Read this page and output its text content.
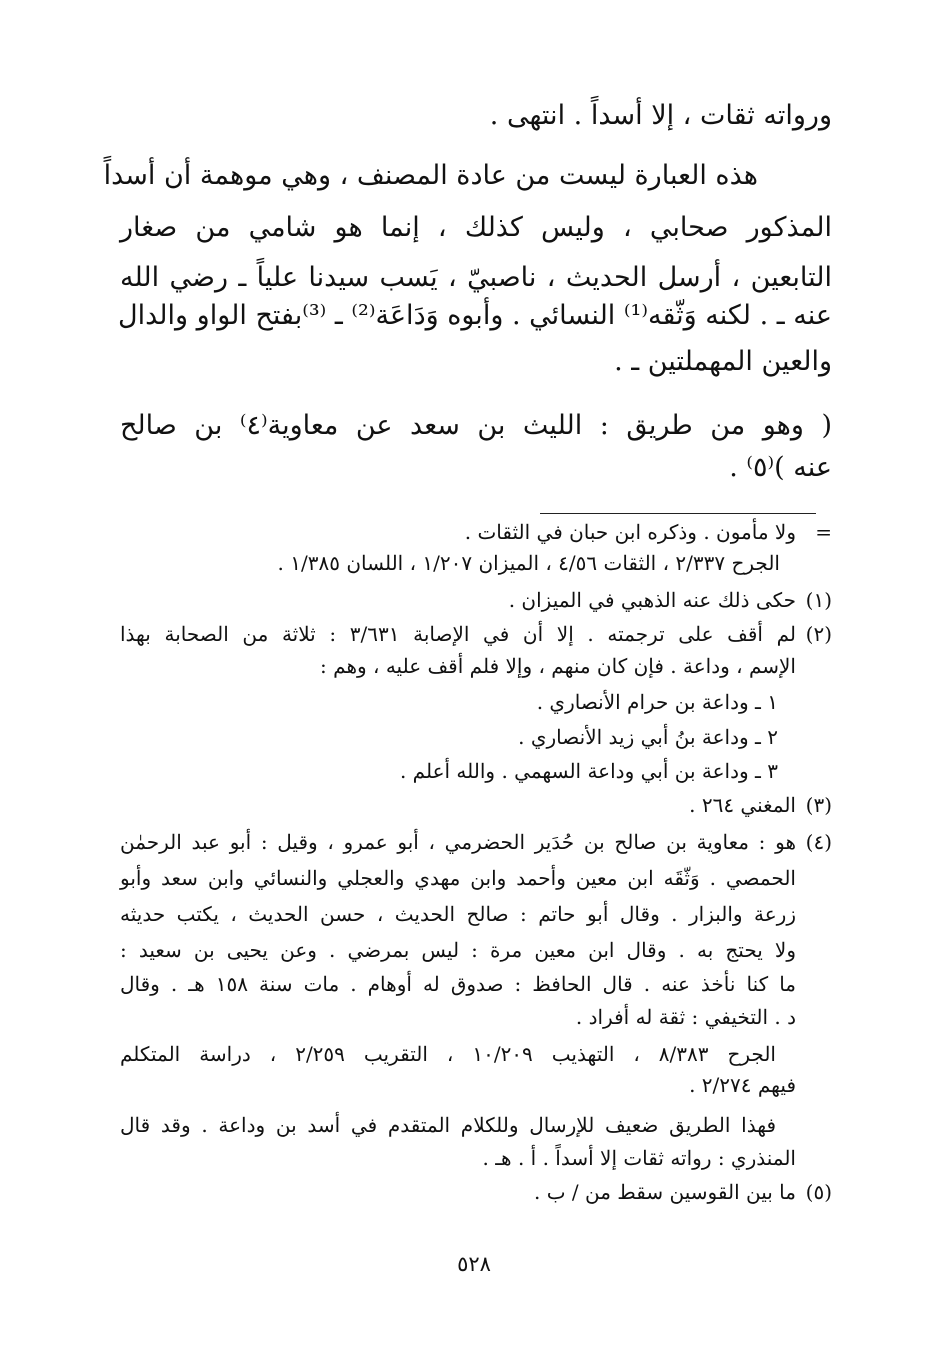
ورواته ثقات ، إلا أسداً . انتهى .
هذه العبارة ليست من عادة المصنف ، وهي موهمة أن أسداً
المذكور صحابي ، وليس كذلك ، إنما هو شامي من صغار
التابعين ، أرسل الحديث ، ناصبيّ ، يَسب سيدنا علياً ـ رضي الله
عنه ـ . لكنه وَثّقه⁽¹⁾ النسائي . وأبوه وَدَاعَة⁽²⁾ ـ ⁽³⁾بفتح الواو والدال
والعين المهملتين ـ .
( وهو من طريق : الليث بن سعد عن معاوية⁽٤⁾ بن صالح
عنه )⁽٥⁾ .
=
ولا مأمون . وذكره ابن حبان في الثقات .
الجرح ٢/٣٣٧ ، الثقات ٤/٥٦ ، الميزان ١/٢٠٧ ، اللسان ١/٣٨٥ .
(١)
حكى ذلك عنه الذهبي في الميزان .
(٢)
لم أقف على ترجمته . إلا أن في الإصابة ٣/٦٣١ : ثلاثة من الصحابة بهذا
الإسم ، وداعة . فإن كان منهم ، وإلا فلم أقف عليه ، وهم :
١ ـ وداعة بن حرام الأنصاري .
٢ ـ وداعة بنُ أبي زيد الأنصاري .
٣ ـ وداعة بن أبي وداعة السهمي . والله أعلم .
(٣)
المغني ٢٦٤ .
(٤)
هو : معاوية بن صالح بن حُدَير الحضرمي ، أبو عمرو ، وقيل : أبو عبد الرحمٰن
الحمصي . وَثّقَه ابن معين وأحمد وابن مهدي والعجلي والنسائي وابن سعد وأبو
زرعة والبزار . وقال أبو حاتم : صالح الحديث ، حسن الحديث ، يكتب حديثه
ولا يحتج به . وقال ابن معين مرة : ليس بمرضي . وعن يحيى بن سعيد :
ما كنا نأخذ عنه . قال الحافظ : صدوق له أوهام . مات سنة ١٥٨ هـ . وقال
د . التخيفي : ثقة له أفراد .
الجرح ٨/٣٨٣ ، التهذيب ١٠/٢٠٩ ، التقريب ٢/٢٥٩ ، دراسة المتكلم
فيهم ٢/٢٧٤ .
فهذا الطريق ضعيف للإرسال وللكلام المتقدم في أسد بن وداعة . وقد قال
المنذري : رواته ثقات إلا أسداً . أ . هـ .
(٥)
ما بين القوسين سقط من / ب .
٥٢٨
